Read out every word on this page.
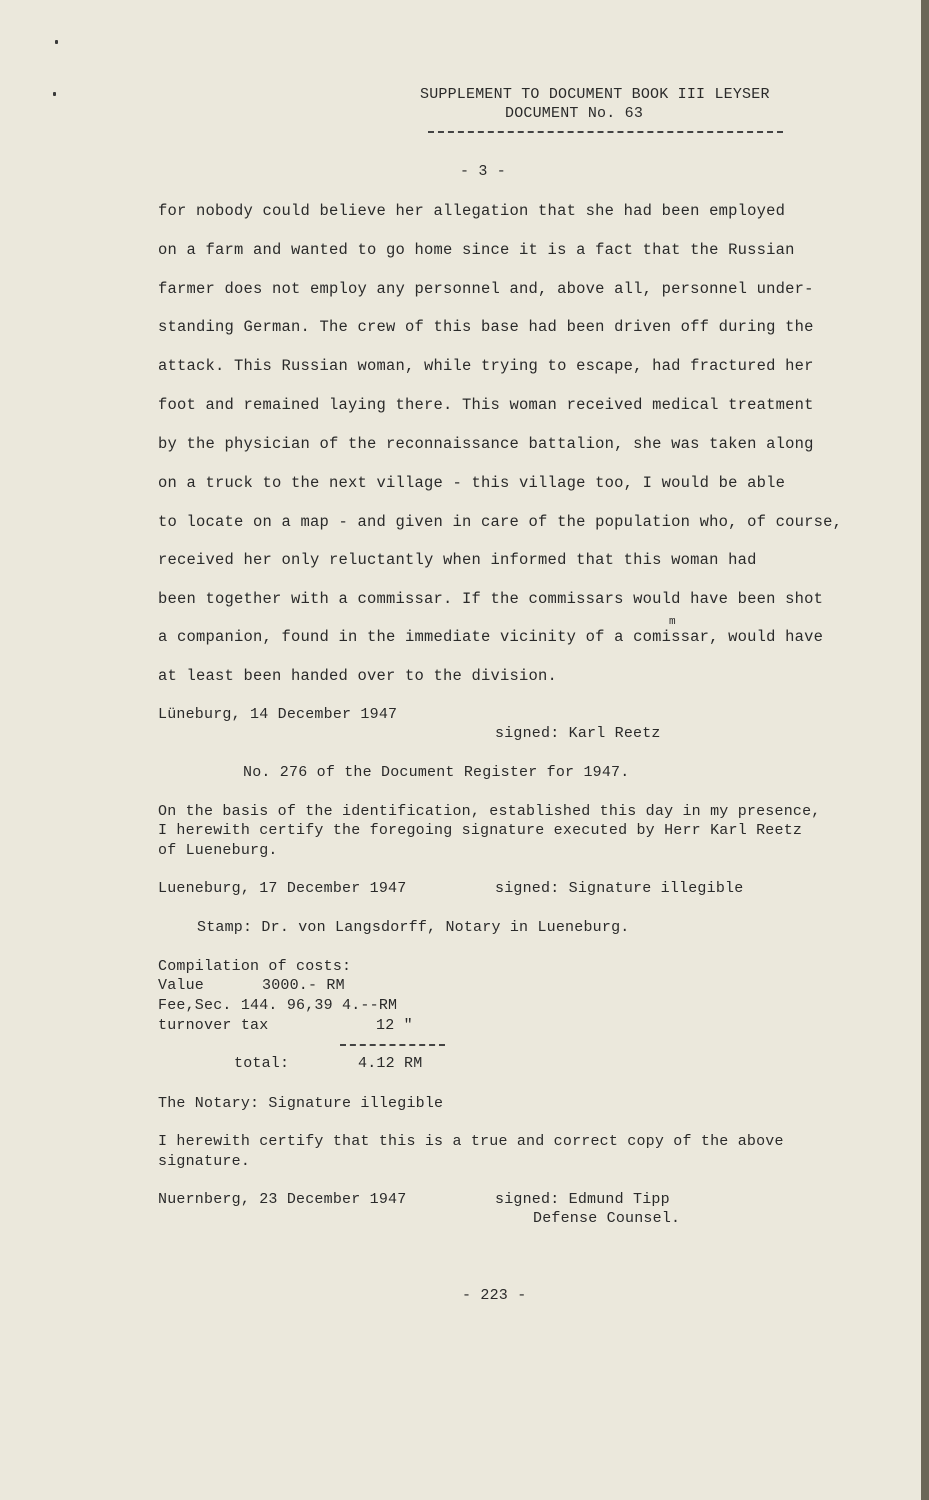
SUPPLEMENT TO DOCUMENT BOOK III LEYSER
DOCUMENT No. 63
- 3 -
for nobody could believe her allegation that she had been employed
on a farm and wanted to go home since it is a fact that the Russian
farmer does not employ any personnel and, above all, personnel under-
standing German. The crew of this base had been driven off during the
attack. This Russian woman, while trying to escape, had fractured her
foot and remained laying there. This woman received medical treatment
by the physician of the reconnaissance battalion, she was taken along
on a truck to the next village - this village too, I would be able
to locate on a map - and given in care of the population who, of course,
received her only reluctantly when informed that this woman had
been together with a commissar. If the commissars would have been shot
m
a companion, found in the immediate vicinity of a comissar, would have
at least been handed over to the division.
Lüneburg, 14 December 1947
signed: Karl Reetz
No. 276 of the Document Register for 1947.
On the basis of the identification, established this day in my presence,
I herewith certify the foregoing signature executed by Herr Karl Reetz
of Lueneburg.
Lueneburg, 17 December 1947	signed: Signature illegible
Stamp: Dr. von Langsdorff, Notary in Lueneburg.
Compilation of costs:
Value	3000.- RM
Fee,Sec. 144. 96,39 4.--RM
turnover tax	12 "
total:	4.12 RM
The Notary: Signature illegible
I herewith certify that this is a true and correct copy of the above
signature.
Nuernberg, 23 December 1947	signed: Edmund Tipp
Defense Counsel.
- 223 -
